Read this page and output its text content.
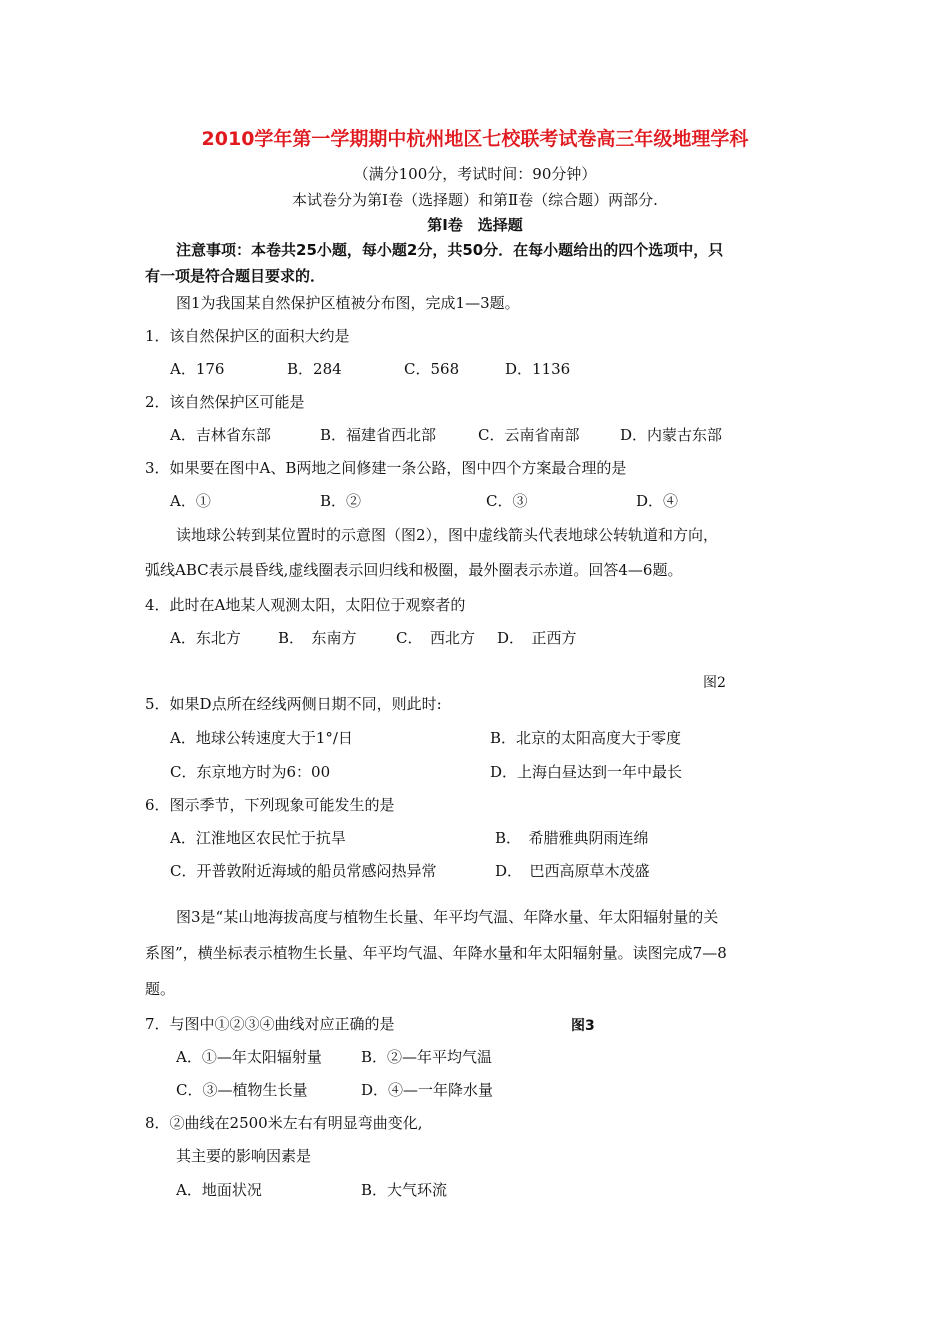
2010学年第一学期期中杭州地区七校联考试卷高三年级地理学科
（满分100分，考试时间：90分钟）
本试卷分为第Ⅰ卷（选择题）和第Ⅱ卷（综合题）两部分.
第Ⅰ卷　选择题
注意事项：本卷共25小题，每小题2分，共50分．在每小题给出的四个选项中，只
有一项是符合题目要求的．
图1为我国某自然保护区植被分布图，完成1—3题。
1．该自然保护区的面积大约是
A．176	B．284	C．568	D．1136
2．该自然保护区可能是
A．吉林省东部	B．福建省西北部	C．云南省南部	D．内蒙古东部
3．如果要在图中A、B两地之间修建一条公路，图中四个方案最合理的是
A．①	B．②	C．③	D．④
读地球公转到某位置时的示意图（图2），图中虚线箭头代表地球公转轨道和方向，
弧线ABC表示晨昏线,虚线圈表示回归线和极圈，最外圈表示赤道。回答4—6题。
4．此时在A地某人观测太阳，太阳位于观察者的
A．东北方 B．　东南方	C．　西北方 D．　正西方
图2
5．如果D点所在经线两侧日期不同，则此时:
A．地球公转速度大于1°/日	B．北京的太阳高度大于零度
C．东京地方时为6：00	D．上海白昼达到一年中最长
6．图示季节，下列现象可能发生的是
A．江淮地区农民忙于抗旱	B．　希腊雅典阴雨连绵
C．开普敦附近海域的船员常感闷热异常	D．　巴西高原草木茂盛
图3是“某山地海拔高度与植物生长量、年平均气温、年降水量、年太阳辐射量的关
系图”，横坐标表示植物生长量、年平均气温、年降水量和年太阳辐射量。读图完成7—8
题。
7．与图中①②③④曲线对应正确的是	图3
A．①—年太阳辐射量	B．②—年平均气温
C．③—植物生长量	D．④—一年降水量
8．②曲线在2500米左右有明显弯曲变化,
其主要的影响因素是
A．地面状况	B．大气环流
